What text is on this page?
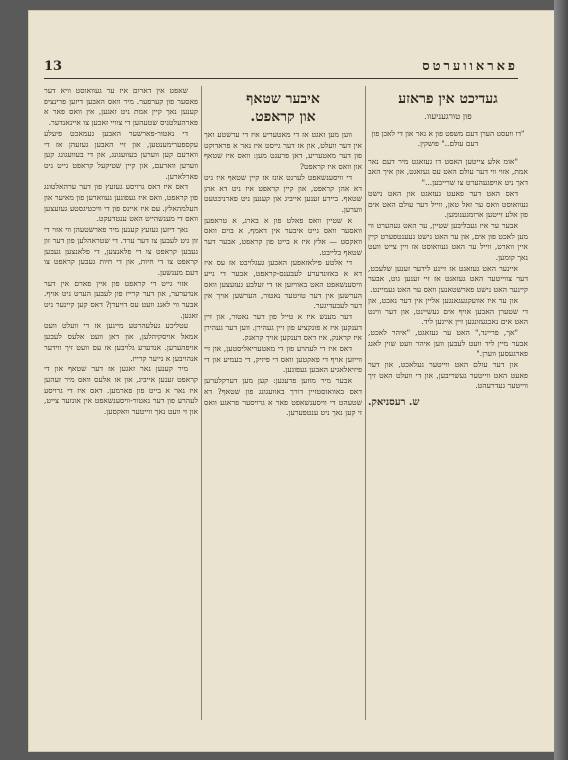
13	פאראווערטס
געדיכט אין פראזע
פון טורגעניעוו.
"דו וועסט הערן דעם משפט פון א נאר און די לאכן פון
דעם עולם.." פושקין.

"אומ אלע צייטען האסט דו געזאגט מיר דעם נאר אמת, אזוי ווי דער עולם האט עס געזאגט, און איך האב דאך ניט אויפגעהערט צו שרייבען..."

דאס האט דער פאעט געזאגט און האט נישט געוואוסט וואס ער זאל טאן, ווייל דער עולם האט אים פון אלע זייטען ארומגענומען.

אבער ער איז געבליבען שטיין, ער האט געהערט ווי מען לאכט פון אים, און ער האט נישט געענטפערט קיין איין ווארט, ווייל ער האט געוואוסט אז זיין צייט וועט נאך קומען.

איינער האט געזאגט אז זיינע לידער זענען שלעכט, דער צווייטער האט געזאגט אז זיי זענען גוט, אבער קיינער האט נישט פארשטאנען וואס ער האט געמיינט.

און ער איז אוועקגעגאנגען אליין אין דער נאכט, און די שטערן האבען אויף אים געשיינט, און דער ווינט האט אים נאכגעזונגען זיין אייגען ליד.

"אך, פריינד," האט ער געזאגט, "איהר לאכט, אבער מיין ליד וועט לעבען ווען איהר וועט שוין לאנג פארגעסען ווערן."

און דער עולם האט ווייטער געלאכט, און דער פאעט האט ווייטער געשריבען, און די וועלט האט זיך ווייטער געדרעהט.

ש. רעסניאק.
איבער שטאף
און קראפט.

ווען מען זאגט אז די מאטעריע איז די ערשטע זאך אין דער וועלט, און אז דער גייסט איז נאר א פראדוקט פון דער מאטעריע, דאן פרעגט מען: וואס איז שטאף און וואס איז קראפט?

די וויסענשאפט לערנט אונז אז קיין שטאף איז ניט דא אהן קראפט, און קיין קראפט איז ניט דא אהן שטאף. ביידע זענען אייביג און קענען ניט פארניכטעט ווערען.

א שטיין וואס פאלט פון א בארג, א טראפען וואסער וואס גייט איבער אין דאמף, א בוים וואס וואקסט — אלץ איז א בייט פון קראפט, אבער דער שטאף בלייבט.

די אלטע פילאזאפען האבען געגלויבט אז עס איז דא א באזונדערע לעבענס-קראפט, אבער די נייע וויסענשאפט האט באוויזען אז די זעלבע געזעצען וואס הערשען אין דער טויטער נאטור, הערשען אויך אין דער לעבעדיגער.

דער מענש איז א טייל פון דער נאטור, און זיין דענקען איז א פונקציע פון זיין געהירן. ווען דער געהירן איז קראנק, איז דאס דענקען אויך קראנק.

דאס איז די לעהרע פון די מאטעריאליסטען, און זיי ווייזען אויף די פאקטען וואס די פיזיק, די כעמיע און די פיזיאלאגיע האבען געפונען.

אבער מיר מוזען פרעגען: קען מען דערקלערען דאס באוואוסטזיין דורך באוועגונג פון שטאף? דא שטעהט די וויסענשאפט פאר א גרויסער פראגע וואס זי קען נאך ניט ענטפערען.

שאפט אין דארום איז ער געוואוסט וויא דער פאסער פון קערפער. מיר וואס האבען דיזען פרינציפ קענען נאך קיין אמת ניט זאגען, אין וואס פאר א פארהעלטניס שטעהען די צוויי זאכען צו איינאנדער.

די נאטור-פארשער האבען געמאכט פיעלע עקספערימענטען, און זיי האבען געזעהן אז די ווארעם קען ווערען בעוועגונג, און די בעוועגונג קען ווערען ווארעם, און קיין שטיקעל קראפט גייט ניט פארלארען.

דאס איז דאס גרויסע געזעץ פון דער ערהאלטונג פון קראפט, וואס איז געפונען געווארען פון מאיער און העלמהאלץ. עס איז איינס פון די וויכטיגסטע געזעצען וואס די מענשהייט האט ענטדעקט.

נאך דיזען געזעץ קענען מיר פארשטעהן ווי אזוי די זון גיט לעבען צו דער ערד. די שטראהלען פון דער זון געבען קראפט צו די פלאנצען, די פלאנצען געבען קראפט צו די חיות, און די חיות געבען קראפט צו דעם מענשען.

אזוי גייט די קראפט פון איין פארם אין דער אנדערער, און דער קרייז פון לעבען הערט ניט אויף. אבער ווי לאנג וועט עס דויערן? דאס קען קיינער ניט זאגען.

עטליכע געלעהרטע מיינען אז די וועלט וועט אמאל אויסקיהלען, און דאן וועט אלעס לעבען אויפהערען. אנדערע גלויבען אז עס וועט זיך ווידער אנהויבען א נייער קרייז.

מיר קענען נאר זאגען אז דער שטאף און די קראפט זענען אייביג, און אז אלעס וואס מיר זעהען איז נאר א בייט פון פארמען. דאס איז די גרויסע לעהרע פון דער נאטור-וויסענשאפט אין אונזער צייט, און זי וועט נאך ווייטער וואקסען.
